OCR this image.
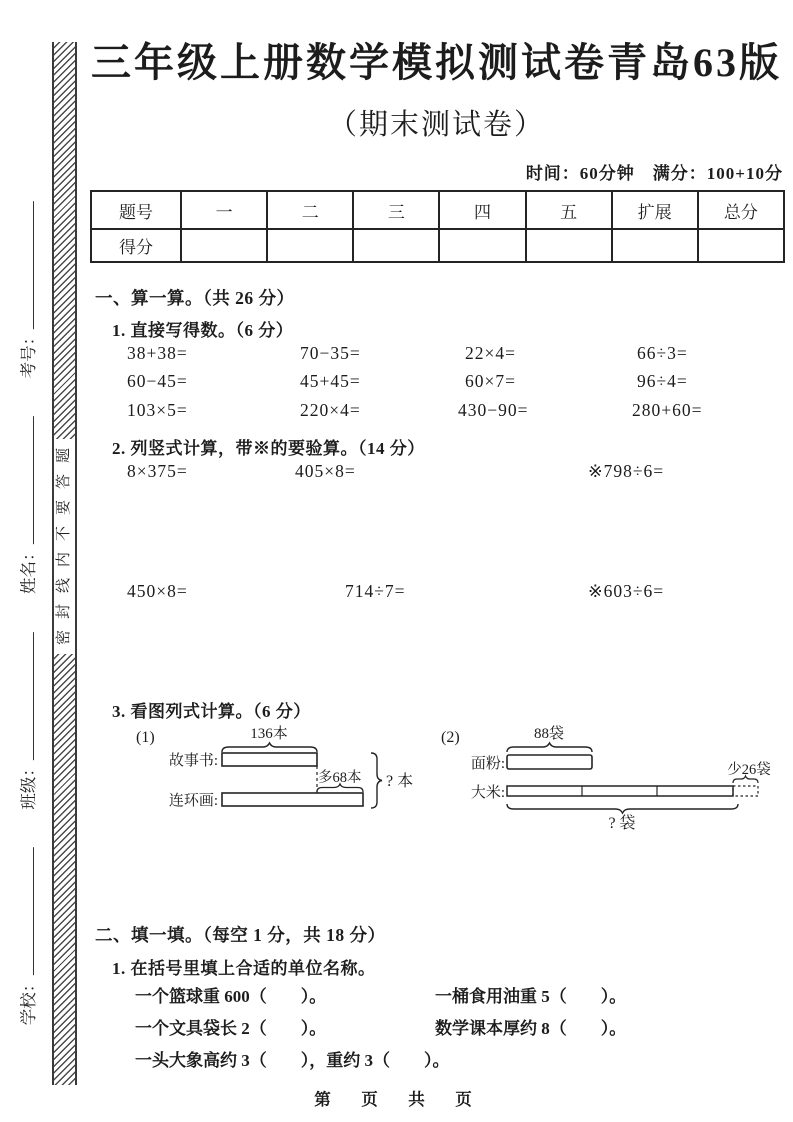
学校： 班级： 姓名： 考号：
题
答
要
不
内
线
封
密
三年级上册数学模拟测试卷青岛63版
（期末测试卷）
时间：60分钟　满分：100+10分
题号	一	二	三	四	五	扩展	总分
得分							
一、算一算。（共 26 分）
1. 直接写得数。（6 分）
38+38=	70−35=	22×4=	66÷3=
60−45=	45+45=	60×7=	96÷4=
103×5=	220×4=	430−90=	280+60=
2. 列竖式计算，带※的要验算。（14 分）
8×375=	405×8=	※798÷6=
450×8=	714÷7=	※603÷6=
3. 看图列式计算。（6 分）
(1)	136本
故事书:
多68本
连环画:
? 本
(2)	88袋
面粉:	少26袋
大米:
? 袋
二、填一填。（每空 1 分，共 18 分）
1. 在括号里填上合适的单位名称。
一个篮球重 600（　　）。	一桶食用油重 5（　　）。
一个文具袋长 2（　　）。	数学课本厚约 8（　　）。
一头大象高约 3（　　），重约 3（　　）。
第　页　共　页
